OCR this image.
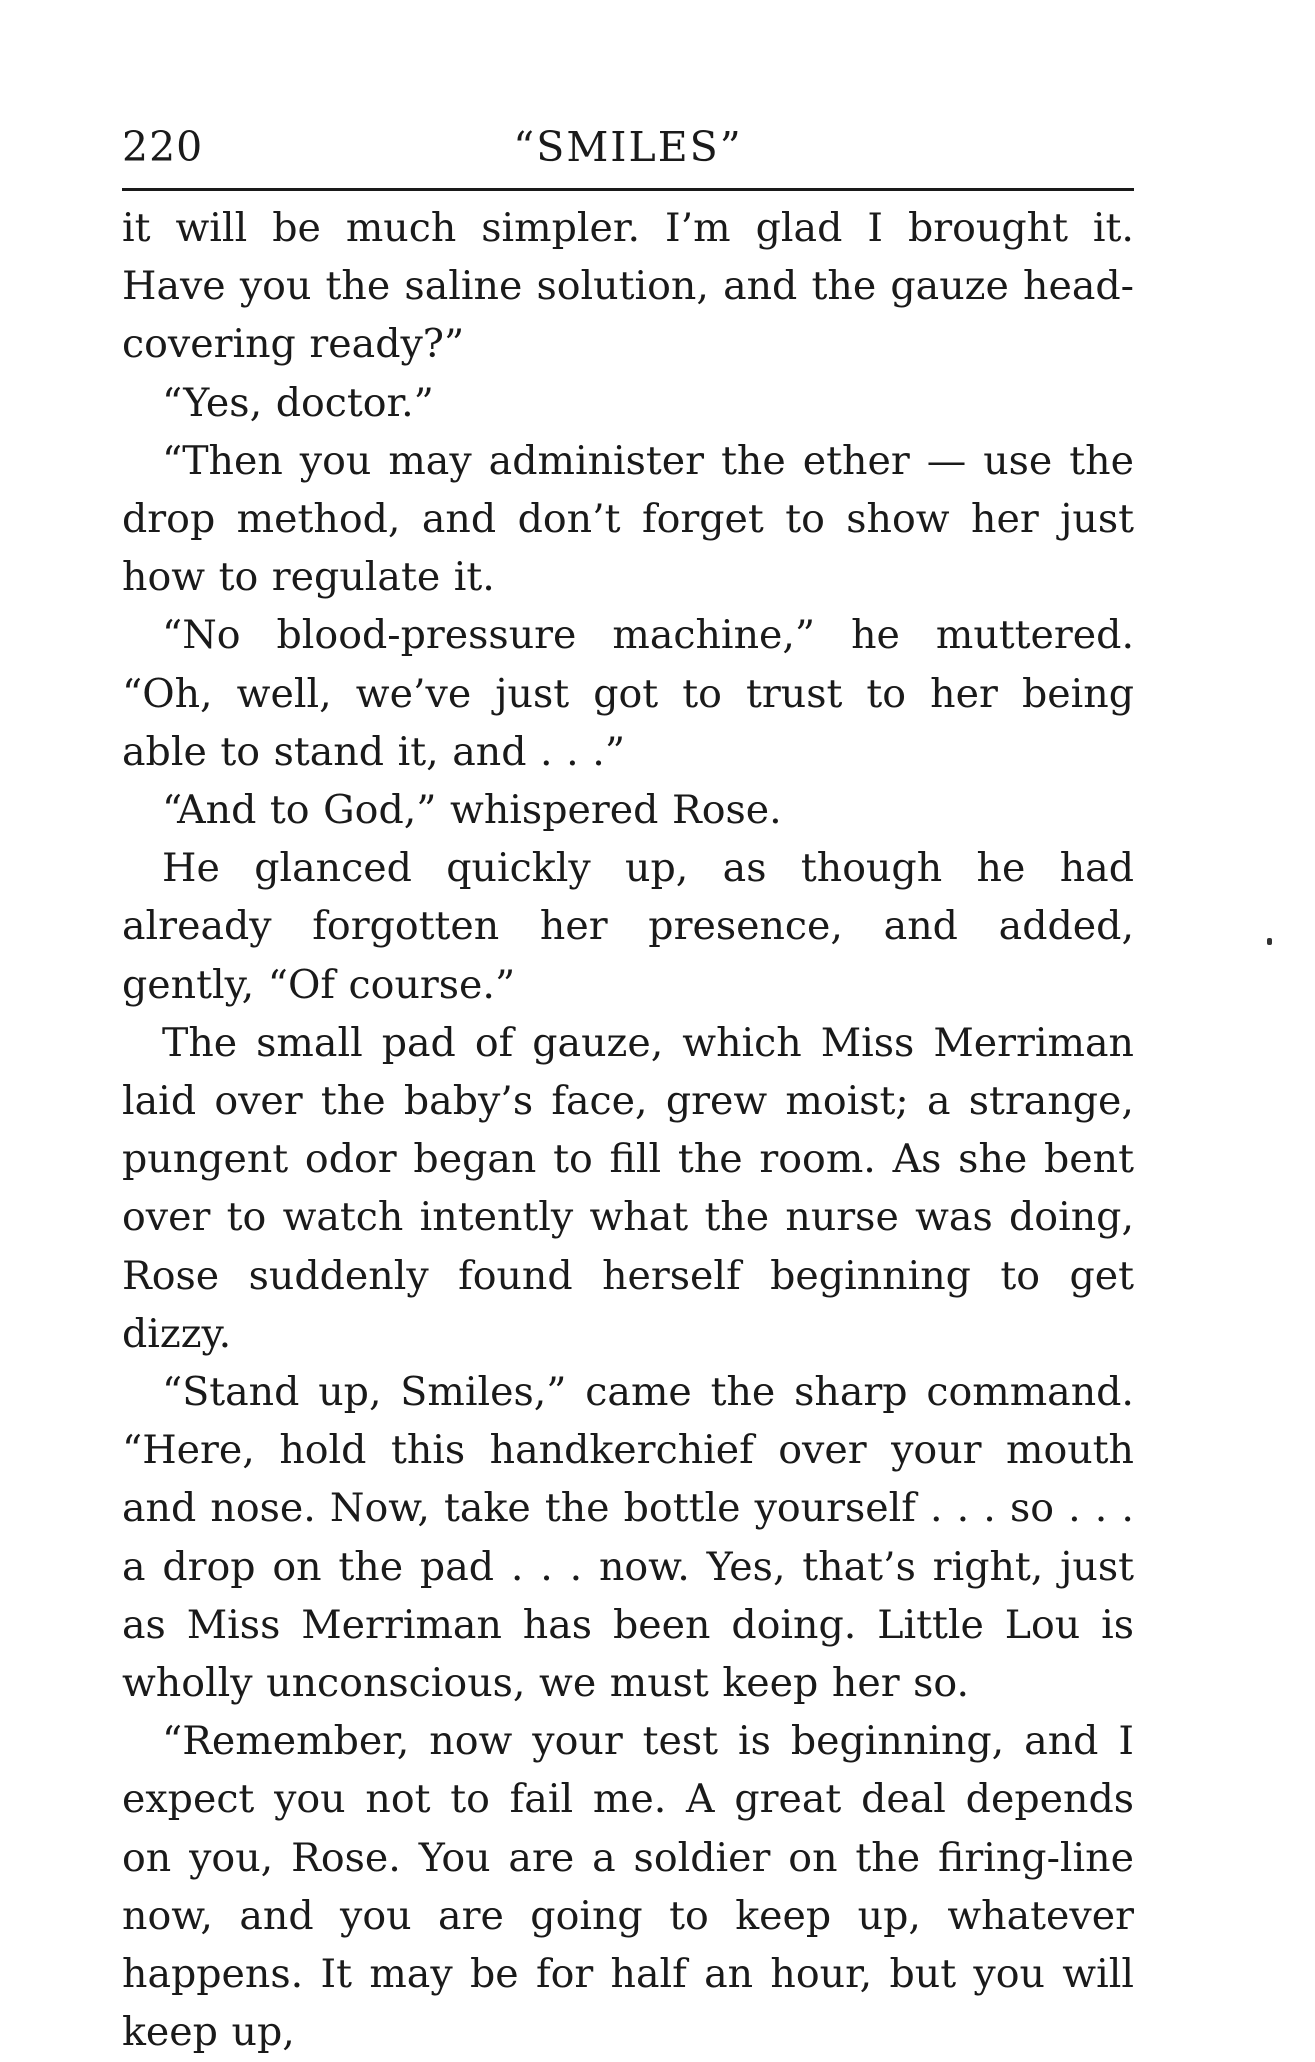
220	“SMILES”

it will be much simpler. I’m glad I brought it. Have you the saline solution, and the gauze head-covering ready?”

“Yes, doctor.”

“Then you may administer the ether — use the drop method, and don’t forget to show her just how to regulate it.

“No blood-pressure machine,” he muttered. “Oh, well, we’ve just got to trust to her being able to stand it, and . . .”

“And to God,” whispered Rose.

He glanced quickly up, as though he had already forgotten her presence, and added, gently, “Of course.”

The small pad of gauze, which Miss Merriman laid over the baby’s face, grew moist; a strange, pungent odor began to fill the room. As she bent over to watch intently what the nurse was doing, Rose suddenly found herself beginning to get dizzy.

“Stand up, Smiles,” came the sharp command. “Here, hold this handkerchief over your mouth and nose. Now, take the bottle yourself . . . so . . . a drop on the pad . . . now. Yes, that’s right, just as Miss Merriman has been doing. Little Lou is wholly unconscious, we must keep her so.

“Remember, now your test is beginning, and I expect you not to fail me. A great deal depends on you, Rose. You are a soldier on the firing-line now, and you are going to keep up, whatever happens. It may be for half an hour, but you will keep up,
